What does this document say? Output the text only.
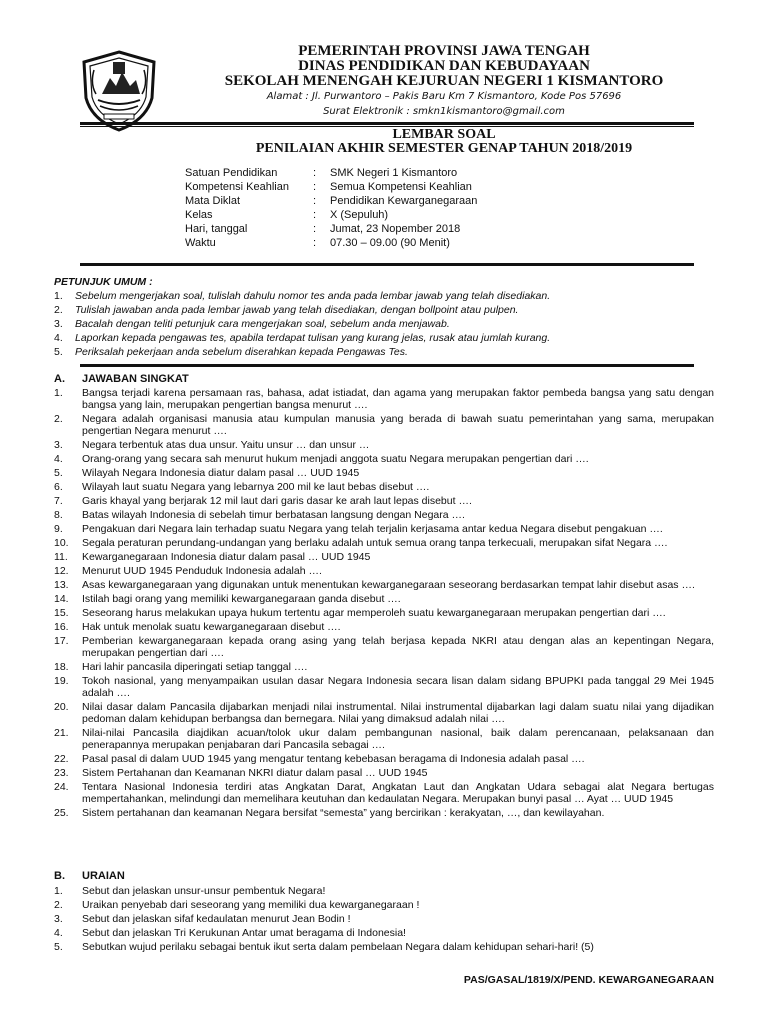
PEMERINTAH PROVINSI JAWA TENGAH
DINAS PENDIDIKAN DAN KEBUDAYAAN
SEKOLAH MENENGAH KEJURUAN NEGERI 1 KISMANTORO
Alamat : Jl. Purwantoro – Pakis Baru Km 7 Kismantoro, Kode Pos 57696
Surat Elektronik : smkn1kismantoro@gmail.com
LEMBAR SOAL
PENILAIAN AKHIR SEMESTER GENAP TAHUN 2018/2019
Satuan Pendidikan	: SMK Negeri 1 Kismantoro
Kompetensi Keahlian : Semua Kompetensi Keahlian
Mata Diklat	: Pendidikan Kewarganegaraan
Kelas	: X (Sepuluh)
Hari, tanggal	: Jumat, 23 Nopember 2018
Waktu	: 07.30 – 09.00 (90 Menit)
PETUNJUK UMUM :
1. Sebelum mengerjakan soal, tulislah dahulu nomor tes anda pada lembar jawab yang telah disediakan.
2. Tulislah jawaban anda pada lembar jawab yang telah disediakan, dengan bollpoint atau pulpen.
3. Bacalah dengan teliti petunjuk cara mengerjakan soal, sebelum anda menjawab.
4. Laporkan kepada pengawas tes, apabila terdapat tulisan yang kurang jelas, rusak atau jumlah kurang.
5. Periksalah pekerjaan anda sebelum diserahkan kepada Pengawas Tes.
A. JAWABAN SINGKAT
1. Bangsa terjadi karena persamaan ras, bahasa, adat istiadat, dan agama yang merupakan faktor pembeda bangsa yang satu dengan bangsa yang lain, merupakan pengertian bangsa menurut ….
2. Negara adalah organisasi manusia atau kumpulan manusia yang berada di bawah suatu pemerintahan yang sama, merupakan pengertian Negara menurut ….
3. Negara terbentuk atas dua unsur. Yaitu unsur … dan unsur …
4. Orang-orang yang secara sah menurut hukum menjadi anggota suatu Negara merupakan pengertian dari ….
5. Wilayah Negara Indonesia diatur dalam pasal … UUD 1945
6. Wilayah laut suatu Negara yang lebarnya 200 mil ke laut bebas disebut ….
7. Garis khayal yang berjarak 12 mil laut dari garis dasar ke arah laut lepas disebut ….
8. Batas wilayah Indonesia di sebelah timur berbatasan langsung dengan Negara ….
9. Pengakuan dari Negara lain terhadap suatu Negara yang telah terjalin kerjasama antar kedua Negara disebut pengakuan ….
10. Segala peraturan perundang-undangan yang berlaku adalah untuk semua orang tanpa terkecuali, merupakan sifat Negara ….
11. Kewarganegaraan Indonesia diatur dalam pasal … UUD 1945
12. Menurut UUD 1945 Penduduk Indonesia adalah ….
13. Asas kewarganegaraan yang digunakan untuk menentukan kewarganegaraan seseorang berdasarkan tempat lahir disebut asas ….
14. Istilah bagi orang yang memiliki kewarganegaraan ganda disebut ….
15. Seseorang harus melakukan upaya hukum tertentu agar memperoleh suatu kewarganegaraan merupakan pengertian dari ….
16. Hak untuk menolak suatu kewarganegaraan disebut ….
17. Pemberian kewarganegaraan kepada orang asing yang telah berjasa kepada NKRI atau dengan alas an kepentingan Negara, merupakan pengertian dari ….
18. Hari lahir pancasila diperingati setiap tanggal ….
19. Tokoh nasional, yang menyampaikan usulan dasar Negara Indonesia secara lisan dalam sidang BPUPKI pada tanggal 29 Mei 1945 adalah ….
20. Nilai dasar dalam Pancasila dijabarkan menjadi nilai instrumental. Nilai instrumental dijabarkan lagi dalam suatu nilai yang dijadikan pedoman dalam kehidupan berbangsa dan bernegara. Nilai yang dimaksud adalah nilai ….
21. Nilai-nilai Pancasila diajdikan acuan/tolok ukur dalam pembangunan nasional, baik dalam perencanaan, pelaksanaan dan penerapannya merupakan penjabaran dari Pancasila sebagai ….
22. Pasal pasal di dalam UUD 1945 yang mengatur tentang kebebasan beragama di Indonesia adalah pasal ….
23. Sistem Pertahanan dan Keamanan NKRI diatur dalam pasal … UUD 1945
24. Tentara Nasional Indonesia terdiri atas Angkatan Darat, Angkatan Laut dan Angkatan Udara sebagai alat Negara bertugas mempertahankan, melindungi dan memelihara keutuhan dan kedaulatan Negara. Merupakan bunyi pasal … Ayat … UUD 1945
25. Sistem pertahanan dan keamanan Negara bersifat “semesta” yang bercirikan : kerakyatan, …, dan kewilayahan.
B. URAIAN
1. Sebut dan jelaskan unsur-unsur pembentuk Negara!
2. Uraikan penyebab dari seseorang yang memiliki dua kewarganegaraan !
3. Sebut dan jelaskan sifaf kedaulatan menurut Jean Bodin !
4. Sebut dan jelaskan Tri Kerukunan Antar umat beragama di Indonesia!
5. Sebutkan wujud perilaku sebagai bentuk ikut serta dalam pembelaan Negara dalam kehidupan sehari-hari! (5)
PAS/GASAL/1819/X/PEND. KEWARGANEGARAAN
